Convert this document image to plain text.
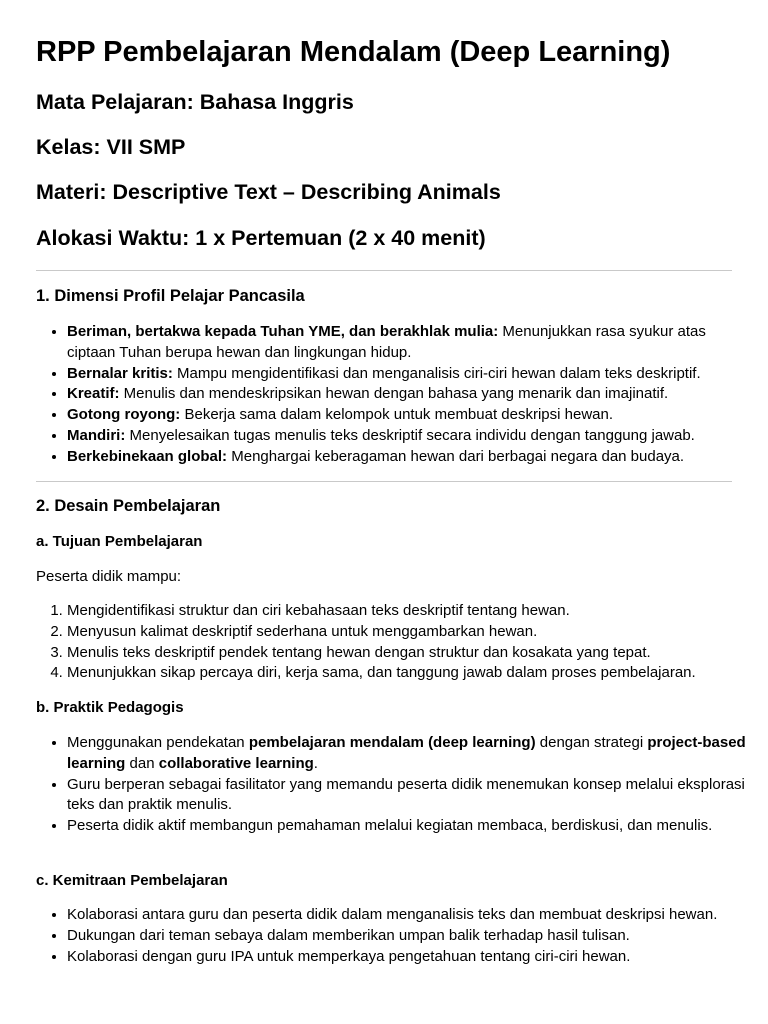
RPP Pembelajaran Mendalam (Deep Learning)

Mata Pelajaran: Bahasa Inggris

Kelas: VII SMP

Materi: Descriptive Text – Describing Animals

Alokasi Waktu: 1 x Pertemuan (2 x 40 menit)

1. Dimensi Profil Pelajar Pancasila

• Beriman, bertakwa kepada Tuhan YME, dan berakhlak mulia: Menunjukkan rasa syukur atas ciptaan Tuhan berupa hewan dan lingkungan hidup.
• Bernalar kritis: Mampu mengidentifikasi dan menganalisis ciri-ciri hewan dalam teks deskriptif.
• Kreatif: Menulis dan mendeskripsikan hewan dengan bahasa yang menarik dan imajinatif.
• Gotong royong: Bekerja sama dalam kelompok untuk membuat deskripsi hewan.
• Mandiri: Menyelesaikan tugas menulis teks deskriptif secara individu dengan tanggung jawab.
• Berkebinekaan global: Menghargai keberagaman hewan dari berbagai negara dan budaya.

2. Desain Pembelajaran

a. Tujuan Pembelajaran

Peserta didik mampu:

1. Mengidentifikasi struktur dan ciri kebahasaan teks deskriptif tentang hewan.
2. Menyusun kalimat deskriptif sederhana untuk menggambarkan hewan.
3. Menulis teks deskriptif pendek tentang hewan dengan struktur dan kosakata yang tepat.
4. Menunjukkan sikap percaya diri, kerja sama, dan tanggung jawab dalam proses pembelajaran.

b. Praktik Pedagogis

• Menggunakan pendekatan pembelajaran mendalam (deep learning) dengan strategi project-based learning dan collaborative learning.
• Guru berperan sebagai fasilitator yang memandu peserta didik menemukan konsep melalui eksplorasi teks dan praktik menulis.
• Peserta didik aktif membangun pemahaman melalui kegiatan membaca, berdiskusi, dan menulis.

c. Kemitraan Pembelajaran

• Kolaborasi antara guru dan peserta didik dalam menganalisis teks dan membuat deskripsi hewan.
• Dukungan dari teman sebaya dalam memberikan umpan balik terhadap hasil tulisan.
• Kolaborasi dengan guru IPA untuk memperkaya pengetahuan tentang ciri-ciri hewan.
